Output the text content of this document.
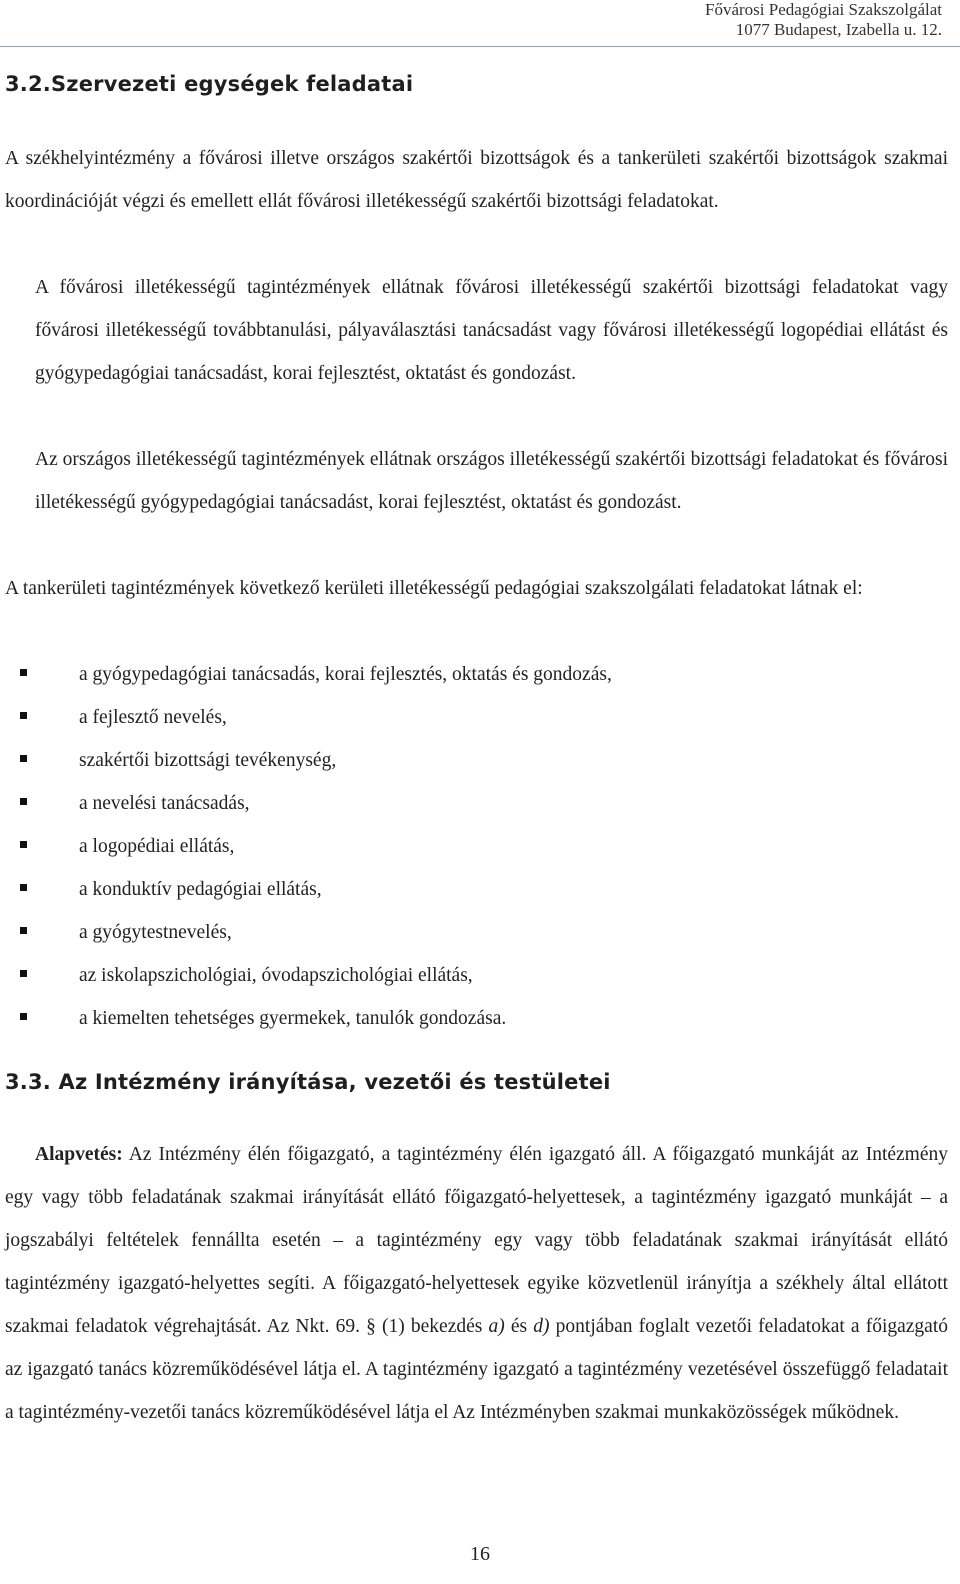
Fővárosi Pedagógiai Szakszolgálat
1077 Budapest, Izabella u. 12.
3.2.Szervezeti egységek feladatai

A székhelyintézmény a fővárosi illetve országos szakértői bizottságok és a tankerületi szakértői bizottságok szakmai koordinációját végzi és emellett ellát fővárosi illetékességű szakértői bizottsági feladatokat.

A fővárosi illetékességű tagintézmények ellátnak fővárosi illetékességű szakértői bizottsági feladatokat vagy fővárosi illetékességű továbbtanulási, pályaválasztási tanácsadást vagy fővárosi illetékességű logopédiai ellátást és gyógypedagógiai tanácsadást, korai fejlesztést, oktatást és gondozást.

Az országos illetékességű tagintézmények ellátnak országos illetékességű szakértői bizottsági feladatokat és fővárosi illetékességű gyógypedagógiai tanácsadást, korai fejlesztést, oktatást és gondozást.

A tankerületi tagintézmények következő kerületi illetékességű pedagógiai szakszolgálati feladatokat látnak el:

a gyógypedagógiai tanácsadás, korai fejlesztés, oktatás és gondozás,
a fejlesztő nevelés,
szakértői bizottsági tevékenység,
a nevelési tanácsadás,
a logopédiai ellátás,
a konduktív pedagógiai ellátás,
a gyógytestnevelés,
az iskolapszichológiai, óvodapszichológiai ellátás,
a kiemelten tehetséges gyermekek, tanulók gondozása.
3.3. Az Intézmény irányítása, vezetői és testületei

Alapvetés: Az Intézmény élén főigazgató, a tagintézmény élén igazgató áll. A főigazgató munkáját az Intézmény egy vagy több feladatának szakmai irányítását ellátó főigazgató-helyettesek, a tagintézmény igazgató munkáját – a jogszabályi feltételek fennállta esetén – a tagintézmény egy vagy több feladatának szakmai irányítását ellátó tagintézmény igazgató-helyettes segíti. A főigazgató-helyettesek egyike közvetlenül irányítja a székhely által ellátott szakmai feladatok végrehajtását. Az Nkt. 69. § (1) bekezdés a) és d) pontjában foglalt vezetői feladatokat a főigazgató az igazgató tanács közreműködésével látja el. A tagintézmény igazgató a tagintézmény vezetésével összefüggő feladatait a tagintézmény-vezetői tanács közreműködésével látja el Az Intézményben szakmai munkaközösségek működnek.

16
